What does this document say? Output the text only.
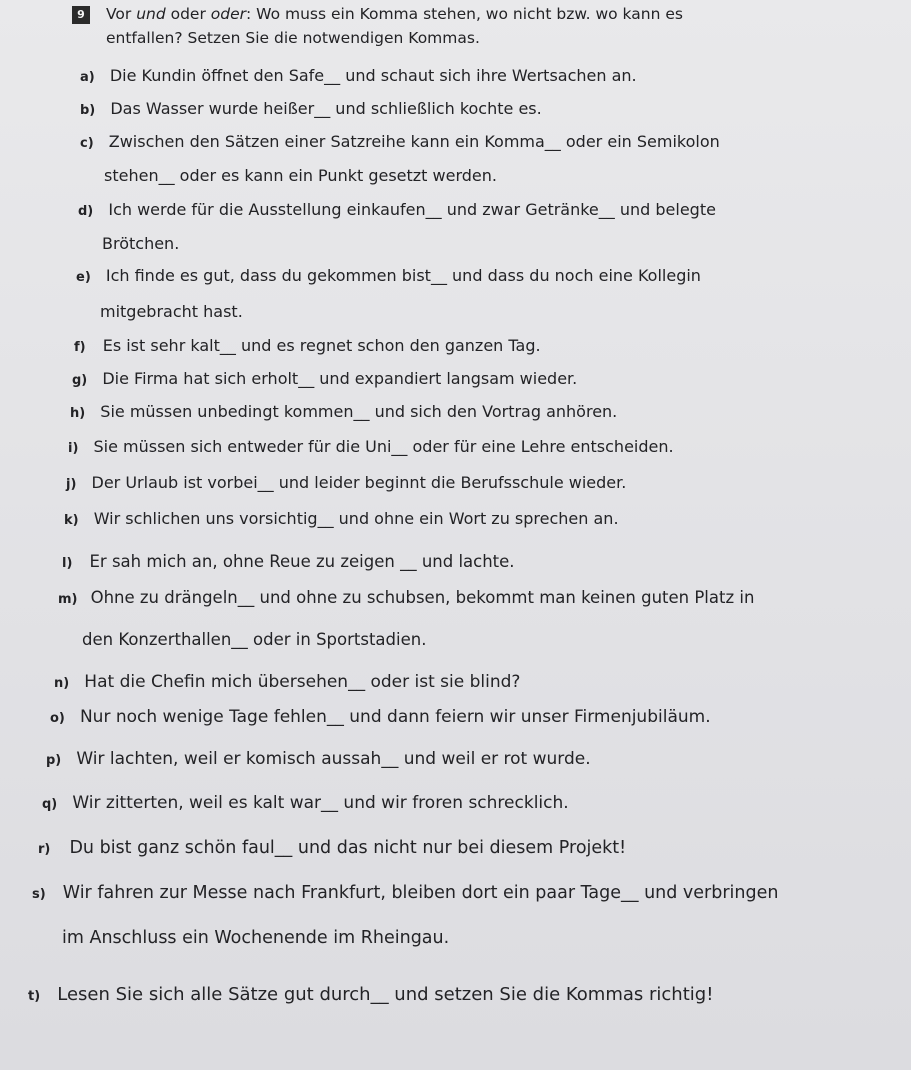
9	Vor und oder oder: Wo muss ein Komma stehen, wo nicht bzw. wo kann es
entfallen? Setzen Sie die notwendigen Kommas.
a) Die Kundin öffnet den Safe__ und schaut sich ihre Wertsachen an.
b) Das Wasser wurde heißer__ und schließlich kochte es.
c) Zwischen den Sätzen einer Satzreihe kann ein Komma__ oder ein Semikolon
stehen__ oder es kann ein Punkt gesetzt werden.
d) Ich werde für die Ausstellung einkaufen__ und zwar Getränke__ und belegte
Brötchen.
e) Ich finde es gut, dass du gekommen bist__ und dass du noch eine Kollegin
mitgebracht hast.
f) Es ist sehr kalt__ und es regnet schon den ganzen Tag.
g) Die Firma hat sich erholt__ und expandiert langsam wieder.
h) Sie müssen unbedingt kommen__ und sich den Vortrag anhören.
i) Sie müssen sich entweder für die Uni__ oder für eine Lehre entscheiden.
j) Der Urlaub ist vorbei__ und leider beginnt die Berufsschule wieder.
k) Wir schlichen uns vorsichtig__ und ohne ein Wort zu sprechen an.
l) Er sah mich an, ohne Reue zu zeigen __ und lachte.
m) Ohne zu drängeln__ und ohne zu schubsen, bekommt man keinen guten Platz in
den Konzerthallen__ oder in Sportstadien.
n) Hat die Chefin mich übersehen__ oder ist sie blind?
o) Nur noch wenige Tage fehlen__ und dann feiern wir unser Firmenjubiläum.
p) Wir lachten, weil er komisch aussah__ und weil er rot wurde.
q) Wir zitterten, weil es kalt war__ und wir froren schrecklich.
r) Du bist ganz schön faul__ und das nicht nur bei diesem Projekt!
s) Wir fahren zur Messe nach Frankfurt, bleiben dort ein paar Tage__ und verbringen
im Anschluss ein Wochenende im Rheingau.
t) Lesen Sie sich alle Sätze gut durch__ und setzen Sie die Kommas richtig!
